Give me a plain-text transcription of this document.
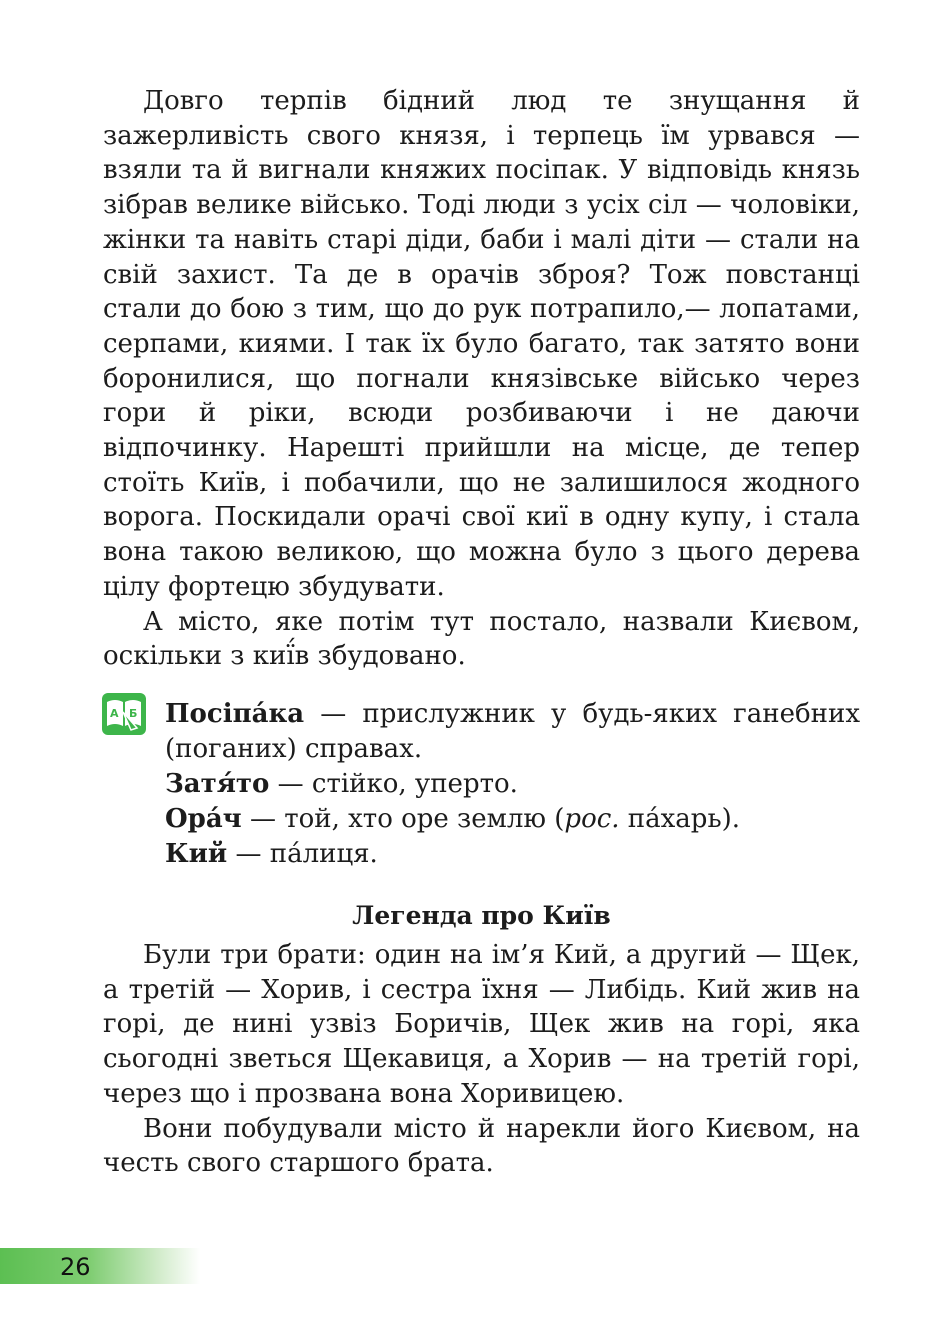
Довго терпів бідний люд те знущання й зажерливість свого князя, і терпець їм урвався — взяли та й вигнали княжих посіпак. У відповідь князь зібрав велике військо. Тоді люди з усіх сіл — чоловіки, жінки та навіть старі діди, баби і малі діти — стали на свій захист. Та де в орачів зброя? Тож повстанці стали до бою з тим, що до рук потрапило,— лопатами, серпами, киями. І так їх було багато, так затято вони боронилися, що погнали князівське військо через гори й ріки, всюди розбиваючи і не даючи відпочинку. Нарешті прийшли на місце, де тепер стоїть Київ, і побачили, що не залишилося жодного ворога. Поскидали орачі свої киї в одну купу, і стала вона такою великою, що можна було з цього дерева цілу фортецю збудувати.

А місто, яке потім тут постало, назвали Києвом, оскільки з киї́в збудовано.

А Б Посіпа́ка — прислужник у будь-яких ганебних (поганих) справах.

Затя́то — стійко, уперто.

Ора́ч — той, хто оре землю (рос. па́харь).

Кий — па́лиця.

Легенда про Київ

Були три брати: один на ім’я Кий, а другий — Щек, а третій — Хорив, і сестра їхня — Либідь. Кий жив на горі, де нині узвіз Боричів, Щек жив на горі, яка сьогодні зветься Щекавиця, а Хорив — на третій горі, через що і прозвана вона Хоривицею.

Вони побудували місто й нарекли його Києвом, на честь свого старшого брата.

26
